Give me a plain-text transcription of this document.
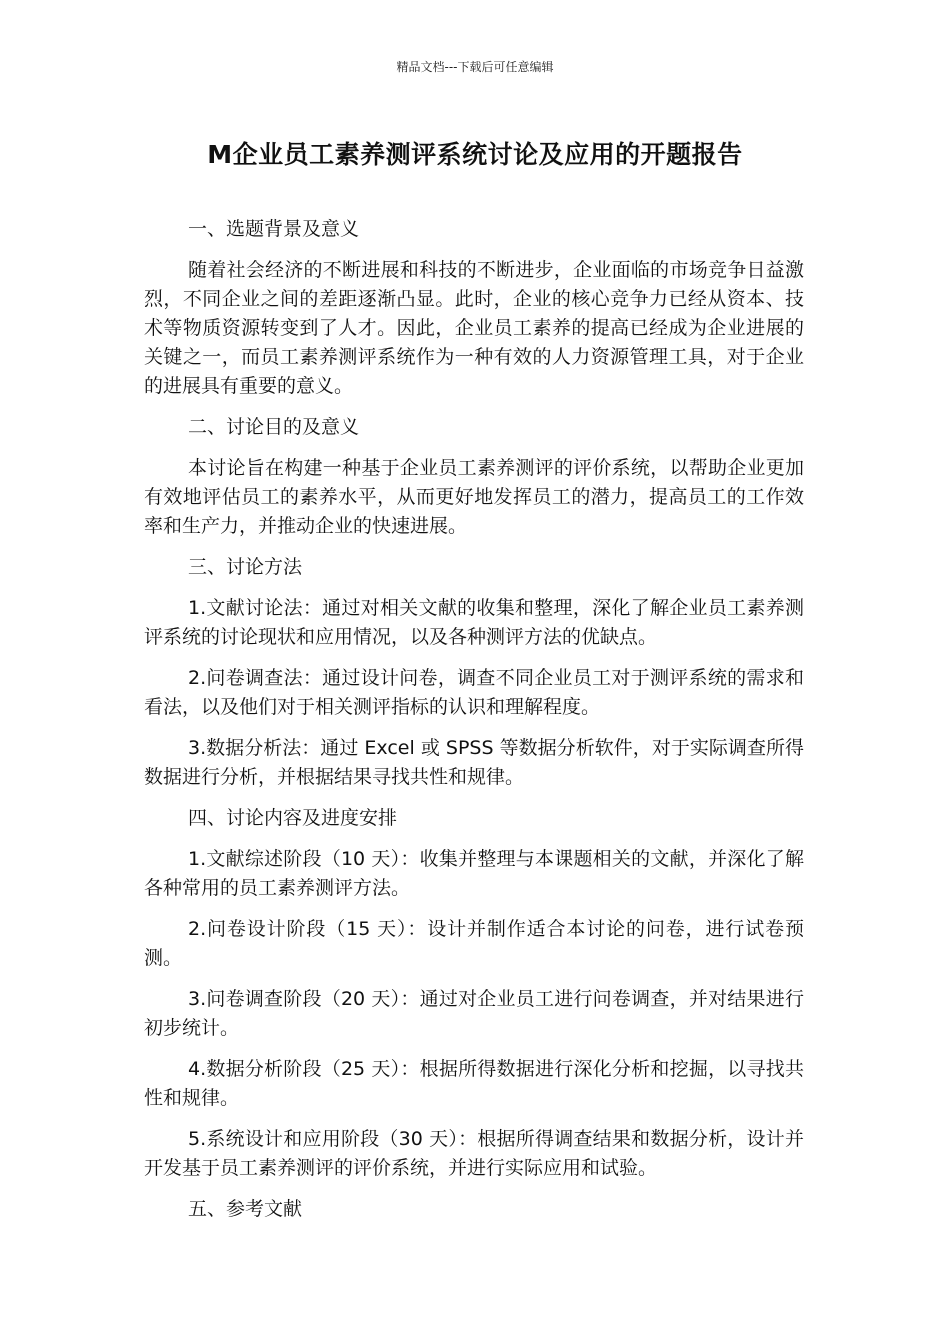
精品文档---下载后可任意编辑
M企业员工素养测评系统讨论及应用的开题报告

一、选题背景及意义

随着社会经济的不断进展和科技的不断进步，企业面临的市场竞争日益激烈，不同企业之间的差距逐渐凸显。此时，企业的核心竞争力已经从资本、技术等物质资源转变到了人才。因此，企业员工素养的提高已经成为企业进展的关键之一，而员工素养测评系统作为一种有效的人力资源管理工具，对于企业的进展具有重要的意义。

二、讨论目的及意义

本讨论旨在构建一种基于企业员工素养测评的评价系统，以帮助企业更加有效地评估员工的素养水平，从而更好地发挥员工的潜力，提高员工的工作效率和生产力，并推动企业的快速进展。

三、讨论方法

1.文献讨论法：通过对相关文献的收集和整理，深化了解企业员工素养测评系统的讨论现状和应用情况，以及各种测评方法的优缺点。

2.问卷调查法：通过设计问卷，调查不同企业员工对于测评系统的需求和看法，以及他们对于相关测评指标的认识和理解程度。

3.数据分析法：通过 Excel 或 SPSS 等数据分析软件，对于实际调查所得数据进行分析，并根据结果寻找共性和规律。

四、讨论内容及进度安排

1.文献综述阶段（10 天）：收集并整理与本课题相关的文献，并深化了解各种常用的员工素养测评方法。

2.问卷设计阶段（15 天）：设计并制作适合本讨论的问卷，进行试卷预测。

3.问卷调查阶段（20 天）：通过对企业员工进行问卷调查，并对结果进行初步统计。

4.数据分析阶段（25 天）：根据所得数据进行深化分析和挖掘，以寻找共性和规律。

5.系统设计和应用阶段（30 天）：根据所得调查结果和数据分析，设计并开发基于员工素养测评的评价系统，并进行实际应用和试验。

五、参考文献
